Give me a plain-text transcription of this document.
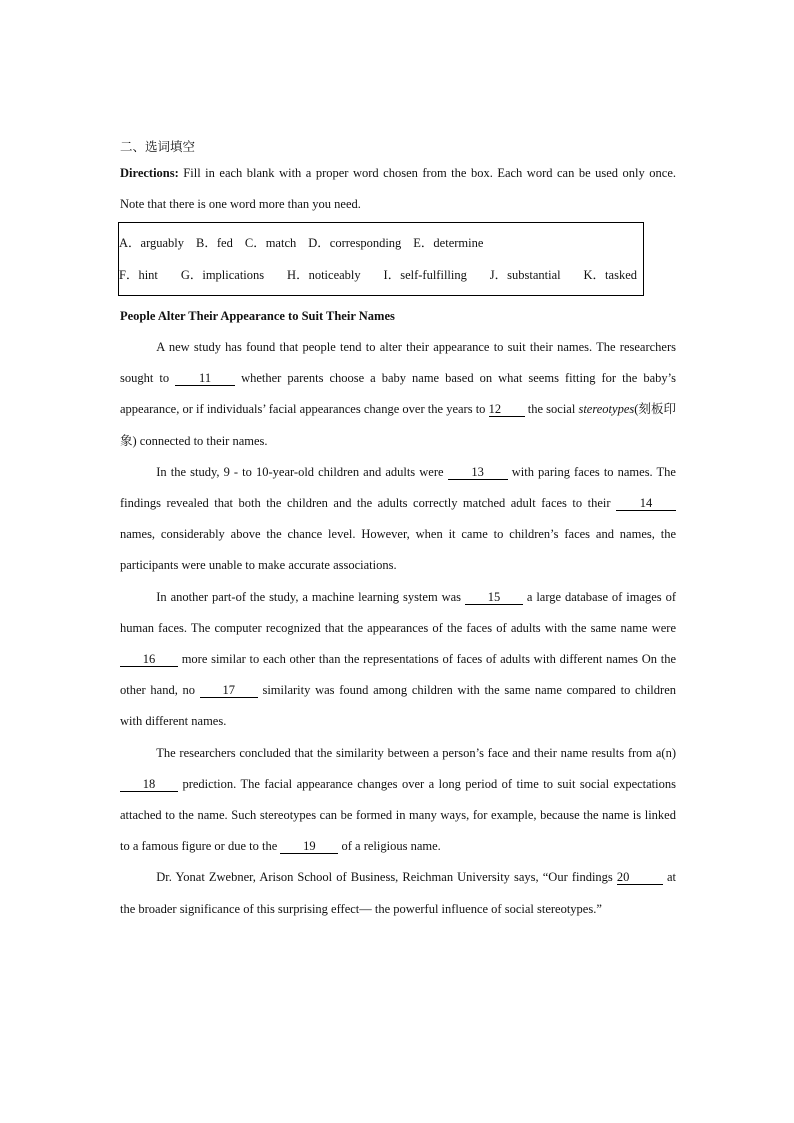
二、选词填空

Directions: Fill in each blank with a proper word chosen from the box. Each word can be used only once. Note that there is one word more than you need.

A．arguably B．fed C．match D．corresponding E．determine
F．hint G．implications H．noticeably I．self-fulfilling J．substantial K．tasked

People Alter Their Appearance to Suit Their Names

A new study has found that people tend to alter their appearance to suit their names. The researchers sought to 11 whether parents choose a baby name based on what seems fitting for the baby’s appearance, or if individuals’ facial appearances change over the years to 12 the social stereotypes(刻板印象) connected to their names.

In the study, 9 - to 10-year-old children and adults were 13 with paring faces to names. The findings revealed that both the children and the adults correctly matched adult faces to their 14 names, considerably above the chance level. However, when it came to children’s faces and names, the participants were unable to make accurate associations.

In another part-of the study, a machine learning system was 15 a large database of images of human faces. The computer recognized that the appearances of the faces of adults with the same name were 16 more similar to each other than the representations of faces of adults with different names On the other hand, no 17 similarity was found among children with the same name compared to children with different names.

The researchers concluded that the similarity between a person’s face and their name results from a(n) 18 prediction. The facial appearance changes over a long period of time to suit social expectations attached to the name. Such stereotypes can be formed in many ways, for example, because the name is linked to a famous figure or due to the 19 of a religious name.

Dr. Yonat Zwebner, Arison School of Business, Reichman University says, “Our findings 20	at the broader significance of this surprising effect— the powerful influence of social stereotypes.”
